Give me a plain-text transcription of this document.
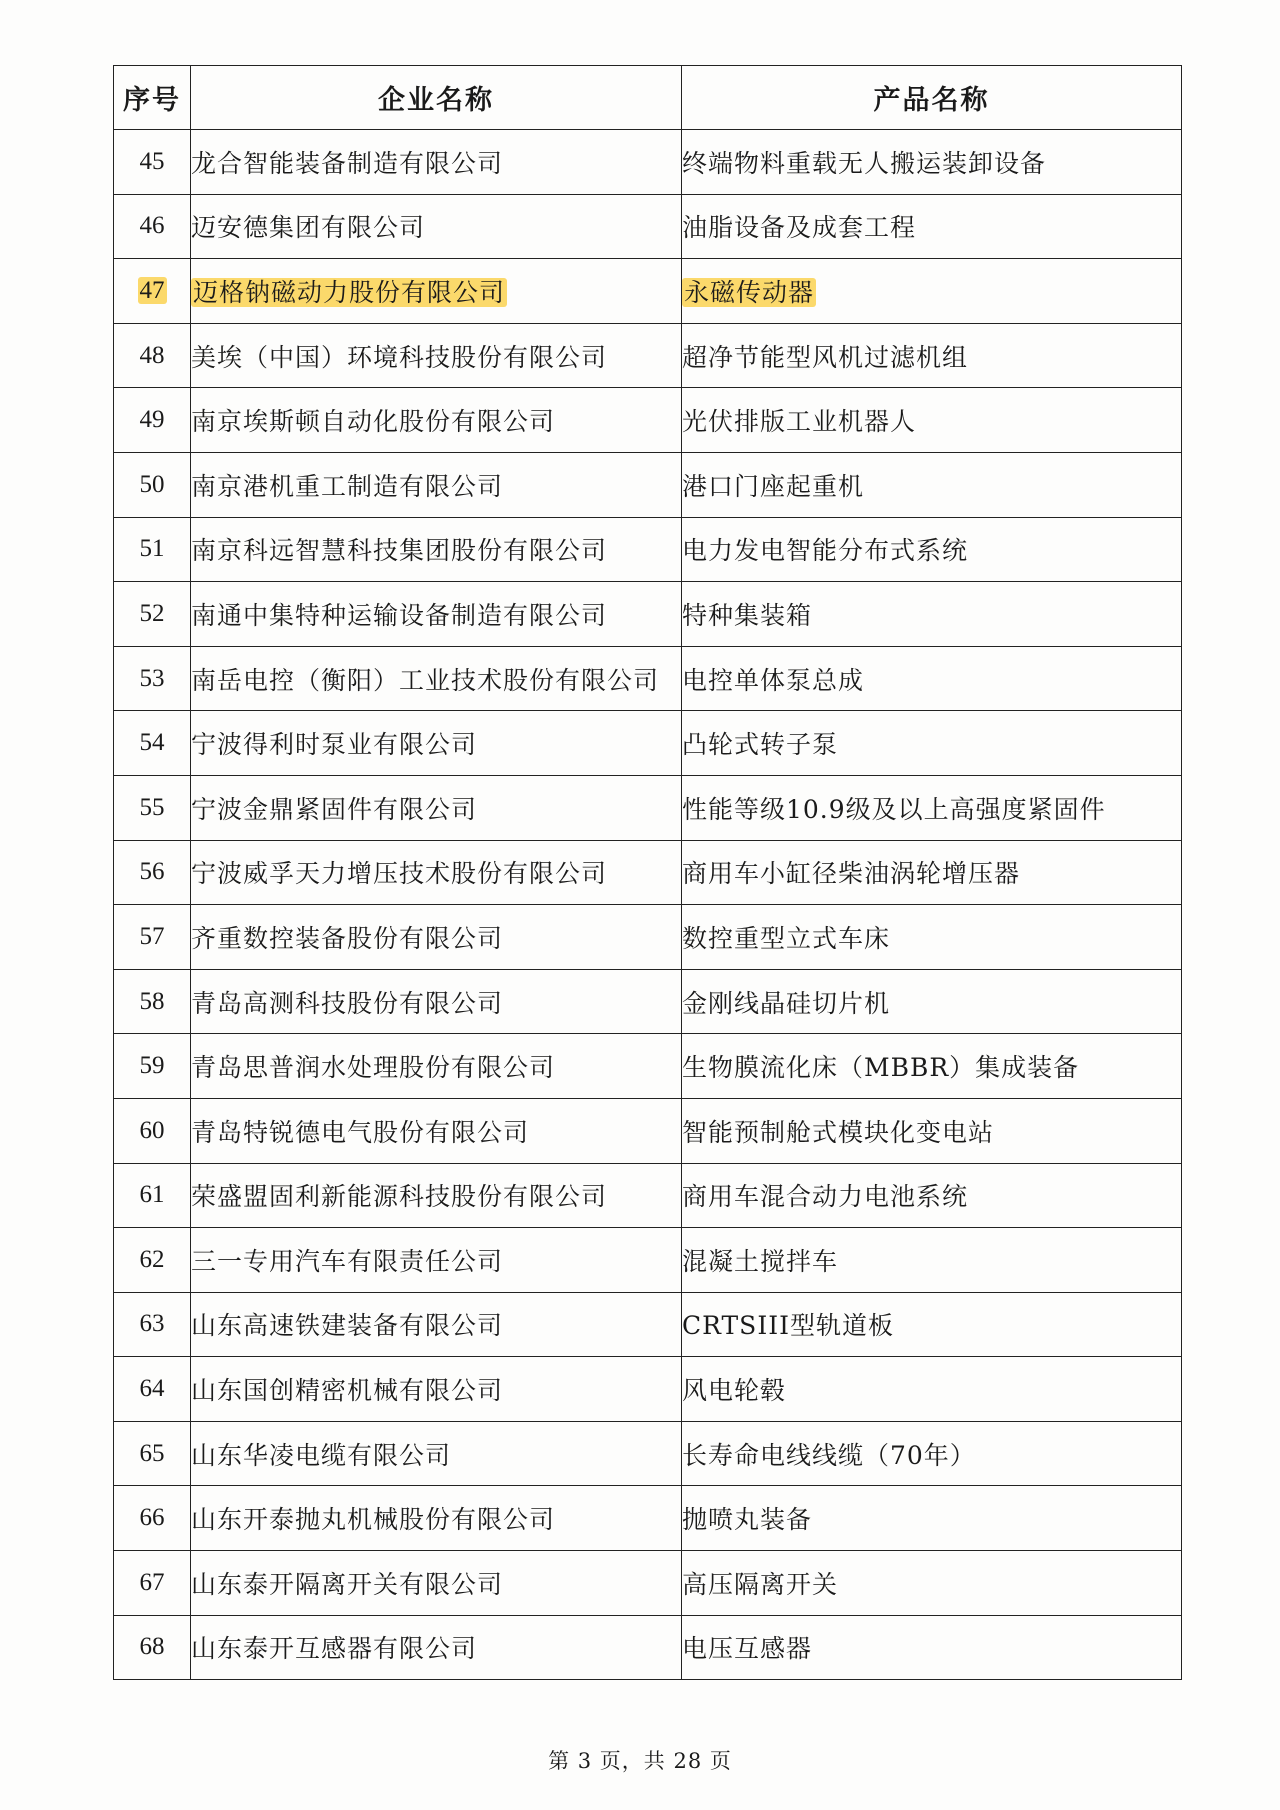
序号	企业名称	产品名称
45	龙合智能装备制造有限公司	终端物料重载无人搬运装卸设备
46	迈安德集团有限公司	油脂设备及成套工程
47	迈格钠磁动力股份有限公司	永磁传动器
48	美埃（中国）环境科技股份有限公司	超净节能型风机过滤机组
49	南京埃斯顿自动化股份有限公司	光伏排版工业机器人
50	南京港机重工制造有限公司	港口门座起重机
51	南京科远智慧科技集团股份有限公司	电力发电智能分布式系统
52	南通中集特种运输设备制造有限公司	特种集装箱
53	南岳电控（衡阳）工业技术股份有限公司	电控单体泵总成
54	宁波得利时泵业有限公司	凸轮式转子泵
55	宁波金鼎紧固件有限公司	性能等级10.9级及以上高强度紧固件
56	宁波威孚天力增压技术股份有限公司	商用车小缸径柴油涡轮增压器
57	齐重数控装备股份有限公司	数控重型立式车床
58	青岛高测科技股份有限公司	金刚线晶硅切片机
59	青岛思普润水处理股份有限公司	生物膜流化床（MBBR）集成装备
60	青岛特锐德电气股份有限公司	智能预制舱式模块化变电站
61	荣盛盟固利新能源科技股份有限公司	商用车混合动力电池系统
62	三一专用汽车有限责任公司	混凝土搅拌车
63	山东高速铁建装备有限公司	CRTSIII型轨道板
64	山东国创精密机械有限公司	风电轮毂
65	山东华凌电缆有限公司	长寿命电线线缆（70年）
66	山东开泰抛丸机械股份有限公司	抛喷丸装备
67	山东泰开隔离开关有限公司	高压隔离开关
68	山东泰开互感器有限公司	电压互感器
第 3 页，共 28 页
